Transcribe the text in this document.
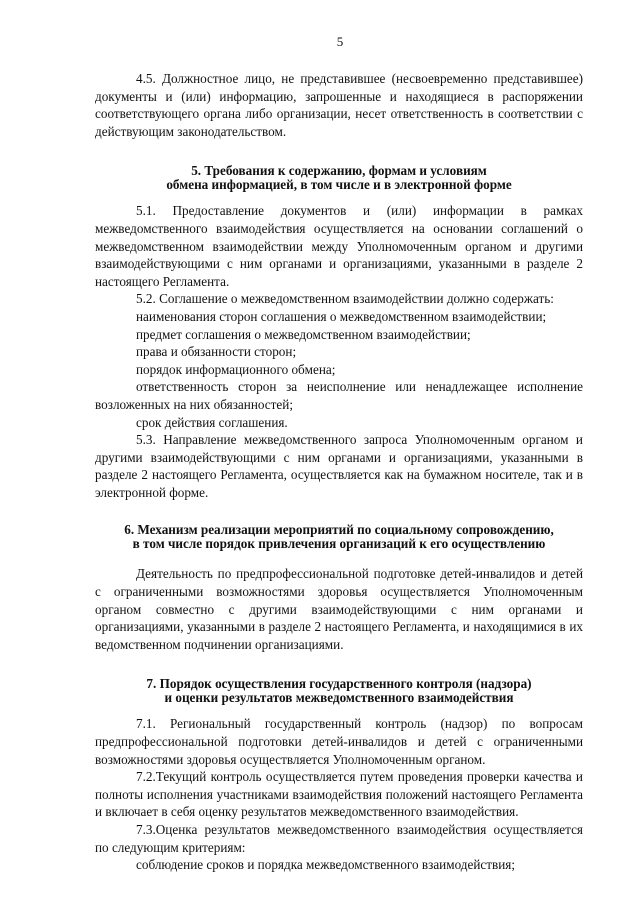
5

4.5. Должностное лицо, не представившее (несвоевременно представившее) документы и (или) информацию, запрошенные и находящиеся в распоряжении соответствующего органа либо организации, несет ответственность в соответствии с действующим законодательством.

5. Требования к содержанию, формам и условиям
обмена информацией, в том числе и в электронной форме

5.1. Предоставление документов и (или) информации в рамках межведомственного взаимодействия осуществляется на основании соглашений о межведомственном взаимодействии между Уполномоченным органом и другими взаимодействующими с ним органами и организациями, указанными в разделе 2 настоящего Регламента.

5.2. Соглашение о межведомственном взаимодействии должно содержать:

наименования сторон соглашения о межведомственном взаимодействии;

предмет соглашения о межведомственном взаимодействии;

права и обязанности сторон;

порядок информационного обмена;

ответственность сторон за неисполнение или ненадлежащее исполнение возложенных на них обязанностей;

срок действия соглашения.

5.3. Направление межведомственного запроса Уполномоченным органом и другими взаимодействующими с ним органами и организациями, указанными в разделе 2 настоящего Регламента, осуществляется как на бумажном носителе, так и в электронной форме.

6. Механизм реализации мероприятий по социальному сопровождению,
в том числе порядок привлечения организаций к его осуществлению

Деятельность по предпрофессиональной подготовке детей-инвалидов и детей с ограниченными возможностями здоровья осуществляется Уполномоченным органом совместно с другими взаимодействующими с ним органами и организациями, указанными в разделе 2 настоящего Регламента, и находящимися в их ведомственном подчинении организациями.

7. Порядок осуществления государственного контроля (надзора)
и оценки результатов межведомственного взаимодействия

7.1. Региональный государственный контроль (надзор) по вопросам предпрофессиональной подготовки детей-инвалидов и детей с ограниченными возможностями здоровья осуществляется Уполномоченным органом.

7.2.Текущий контроль осуществляется путем проведения проверки качества и полноты исполнения участниками взаимодействия положений настоящего Регламента и включает в себя оценку результатов межведомственного взаимодействия.

7.3.Оценка результатов межведомственного взаимодействия осуществляется по следующим критериям:

соблюдение сроков и порядка межведомственного взаимодействия;
